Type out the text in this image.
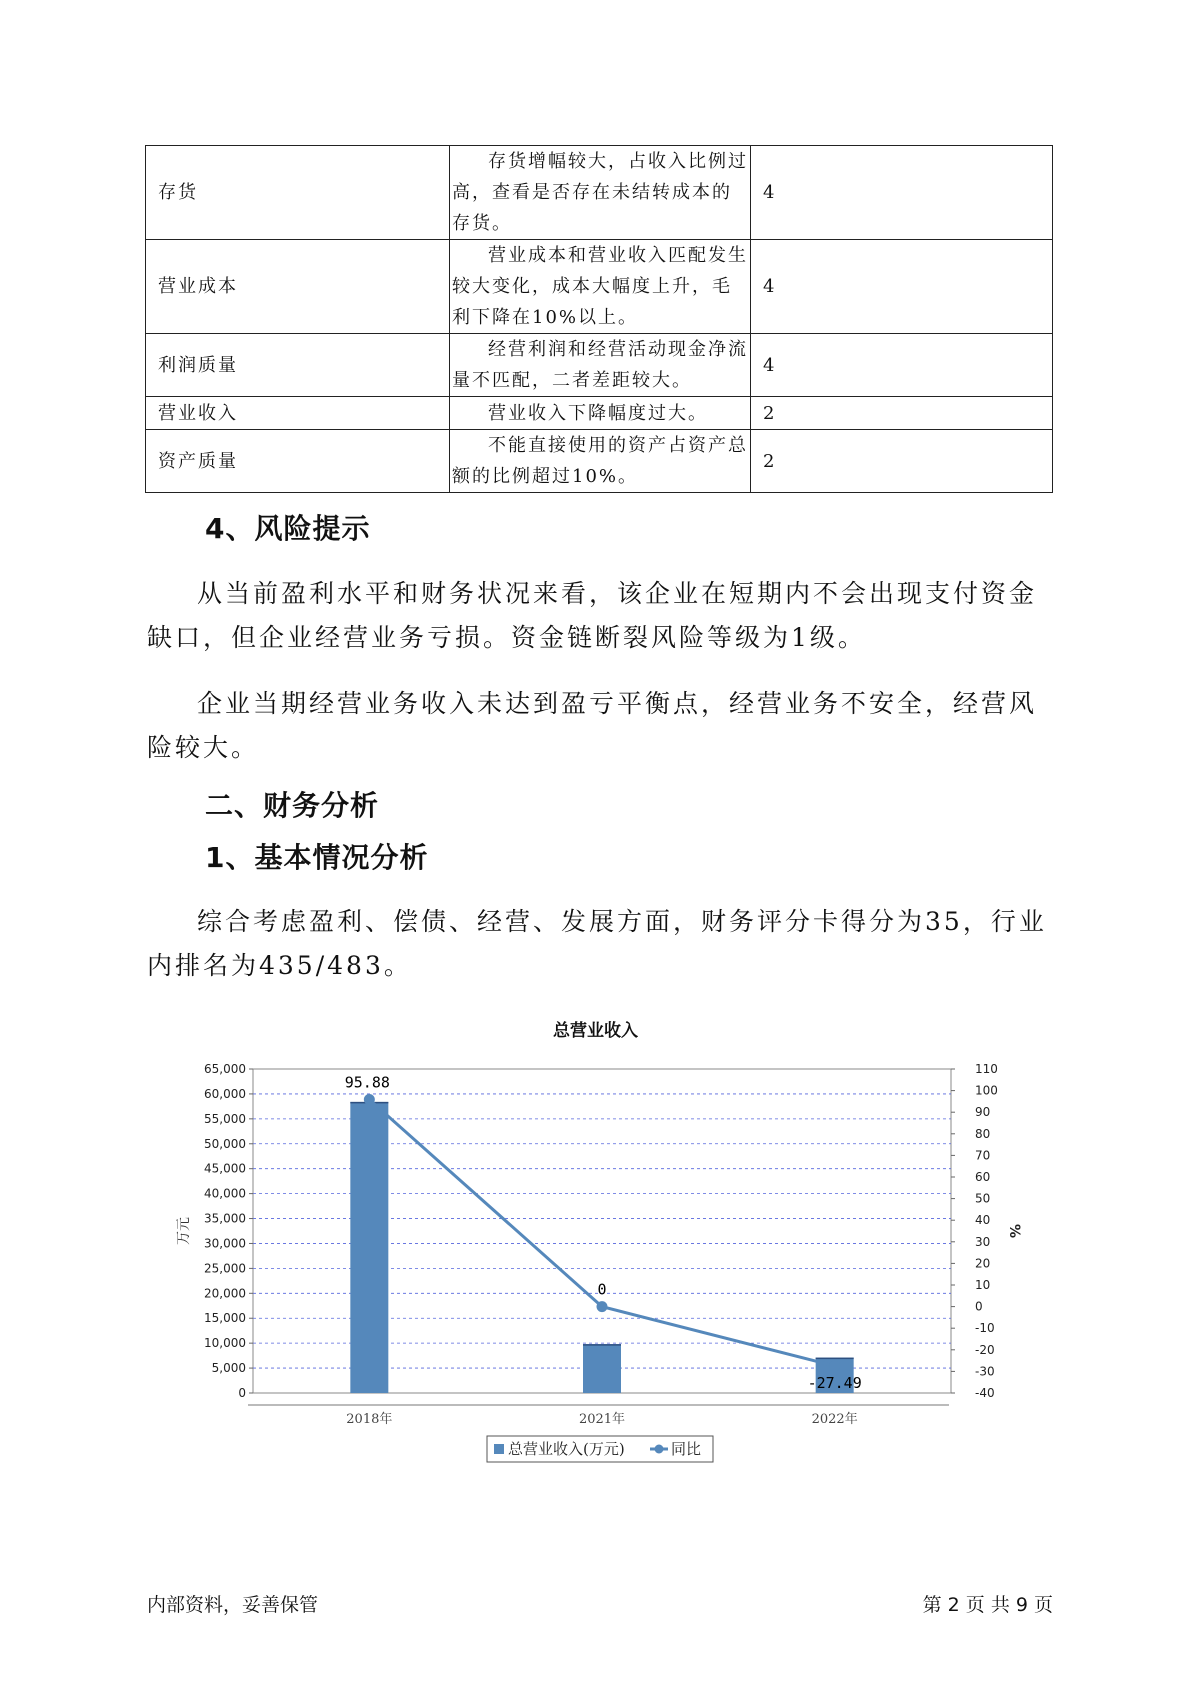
存货	存货增幅较大，占收入比例过高，查看是否存在未结转成本的存货。	4
营业成本	营业成本和营业收入匹配发生较大变化，成本大幅度上升，毛利下降在10%以上。	4
利润质量	经营利润和经营活动现金净流量不匹配，二者差距较大。	4
营业收入	营业收入下降幅度过大。	2
资产质量	不能直接使用的资产占资产总额的比例超过10%。	2
4、风险提示

从当前盈利水平和财务状况来看，该企业在短期内不会出现支付资金缺口，但企业经营业务亏损。资金链断裂风险等级为1级。

企业当期经营业务收入未达到盈亏平衡点，经营业务不安全，经营风险较大。

二、财务分析
1、基本情况分析

综合考虑盈利、偿债、经营、发展方面，财务评分卡得分为35，行业内排名为435/483。

总营业收入
0
5,000
10,000
15,000
20,000
25,000
30,000
35,000
40,000
45,000
50,000
55,000
60,000
65,000
-40
-30
-20
-10
0
10
20
30
40
50
60
70
80
90
100
110
万元	%
2018年	2021年	2022年
95.88
0
-27.49
总营业收入(万元)	同比
内部资料，妥善保管	第 2 页 共 9 页
